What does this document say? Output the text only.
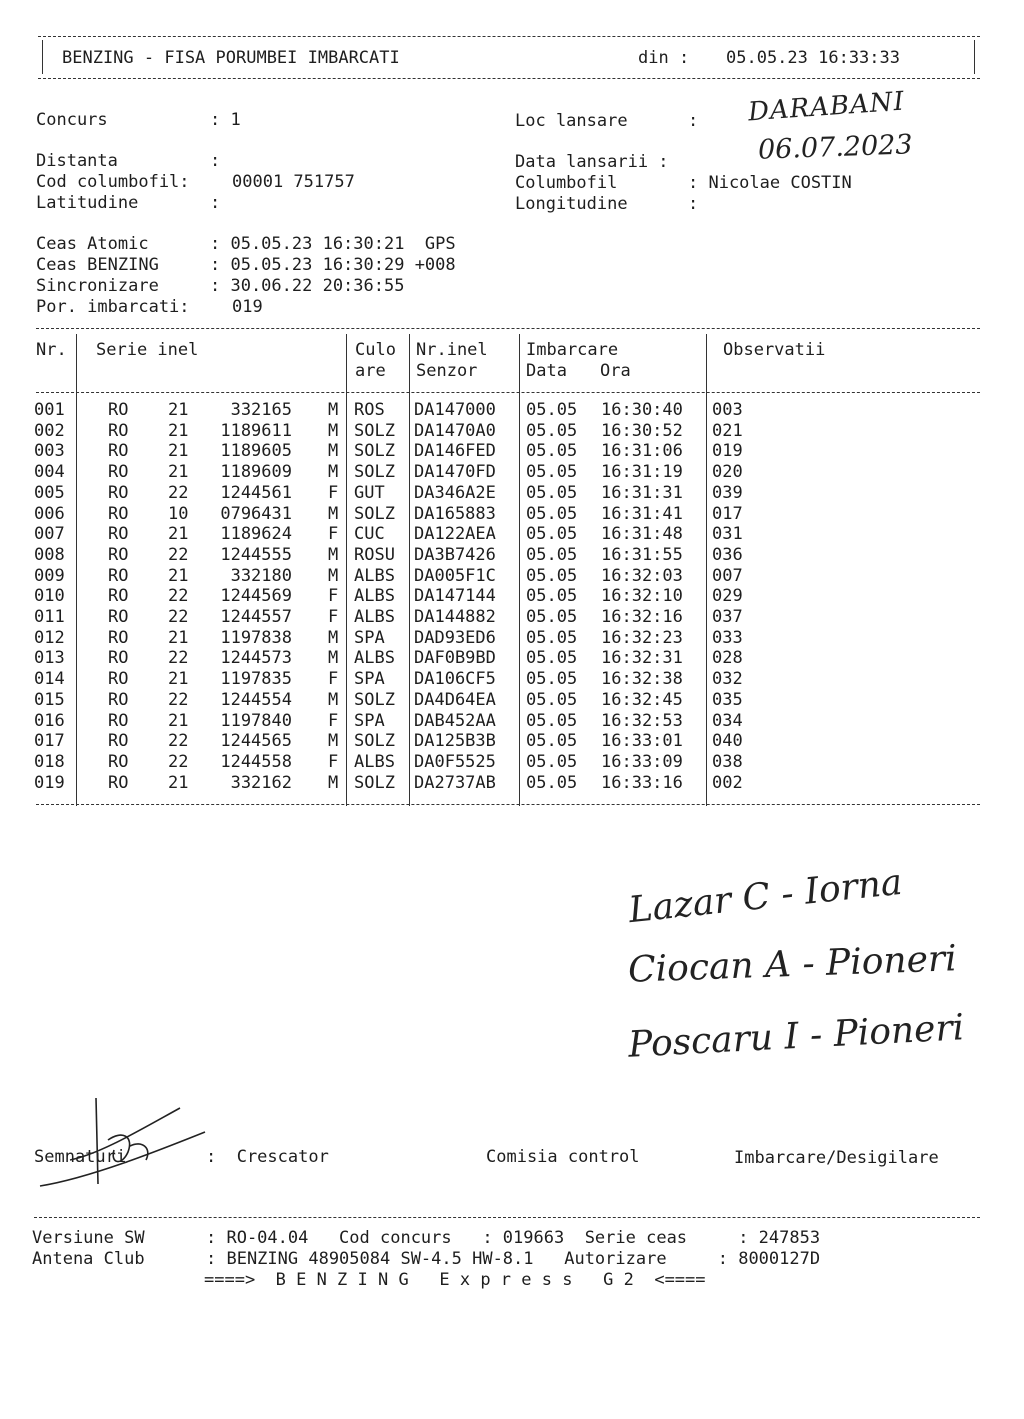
BENZING - FISA PORUMBEI IMBARCATI	din : 05.05.23 16:33:33
Concurs	: 1
Distanta	:
Cod columbofil: 00001 751757
Latitudine	:
Loc lansare	:
Data lansarii :
Columbofil	: Nicolae COSTIN
Longitudine	:
DARABANI
06.07.2023
Ceas Atomic	: 05.05.23 16:30:21  GPS
Ceas BENZING	: 05.05.23 16:30:29 +008
Sincronizare	: 30.06.22 20:36:55
Por. imbarcati: 019
Nr. Serie inel	Culo
are
Nr.inel
Senzor
Imbarcare
Data Ora
Observatii
001	RO 21	332165 M ROS DA147000 05.05 16:30:40 003
002	RO 21	1189611 M SOLZ DA1470A0 05.05 16:30:52 021
003	RO 21	1189605 M SOLZ DA146FED 05.05 16:31:06 019
004	RO 21	1189609 M SOLZ DA1470FD 05.05 16:31:19 020
005	RO 22	1244561 F GUT DA346A2E 05.05 16:31:31 039
006	RO 10	0796431 M SOLZ DA165883 05.05 16:31:41 017
007	RO 21	1189624 F CUC DA122AEA 05.05 16:31:48 031
008	RO 22	1244555 M ROSU DA3B7426 05.05 16:31:55 036
009	RO 21	332180 M ALBS DA005F1C 05.05 16:32:03 007
010	RO 22	1244569 F ALBS DA147144 05.05 16:32:10 029
011	RO 22	1244557 F ALBS DA144882 05.05 16:32:16 037
012	RO 21	1197838 M SPA DAD93ED6 05.05 16:32:23 033
013	RO 22	1244573 M ALBS DAF0B9BD 05.05 16:32:31 028
014	RO 21	1197835 F SPA DA106CF5 05.05 16:32:38 032
015	RO 22	1244554 M SOLZ DA4D64EA 05.05 16:32:45 035
016	RO 21	1197840 F SPA DAB452AA 05.05 16:32:53 034
017	RO 22	1244565 M SOLZ DA125B3B 05.05 16:33:01 040
018	RO 22	1244558 F ALBS DA0F5525 05.05 16:33:09 038
019	RO 21	332162 M SOLZ DA2737AB 05.05 16:33:16 002
Lazar C - Iorna
Ciocan A - Pioneri
Poscaru I - Pioneri
Semnaturi	:  Crescator	Comisia control	Imbarcare/Desigilare
Versiune SW	: RO-04.04   Cod concurs   : 019663  Serie ceas     : 247853
Antena Club	: BENZING 48905084 SW-4.5 HW-8.1   Autorizare     : 8000127D
====>  B E N Z I N G   E x p r e s s   G 2  <====
